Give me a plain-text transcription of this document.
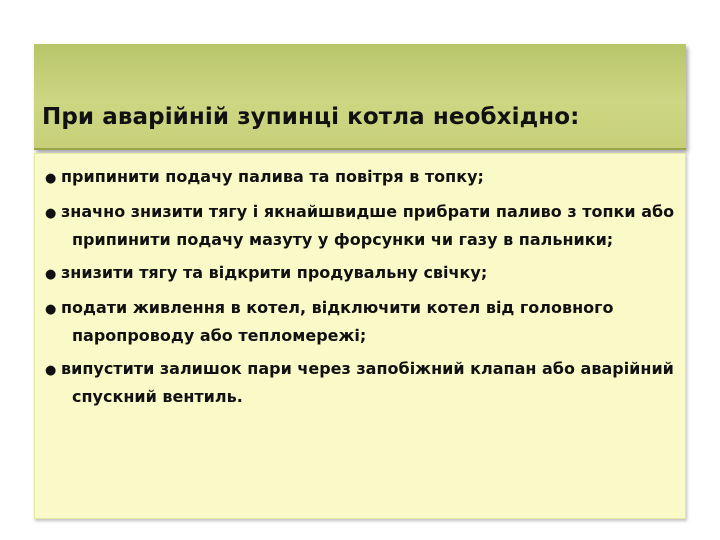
При аварійній зупинці котла необхідно:
● припинити подачу палива та повітря в топку;
● значно знизити тягу і якнайшвидше прибрати паливо з топки або припинити подачу мазуту у форсунки чи газу в пальники;
● знизити тягу та відкрити продувальну свічку;
● подати живлення в котел, відключити котел від головного паропроводу або тепломережі;
● випустити залишок пари через запобіжний клапан або аварійний спускний вентиль.
